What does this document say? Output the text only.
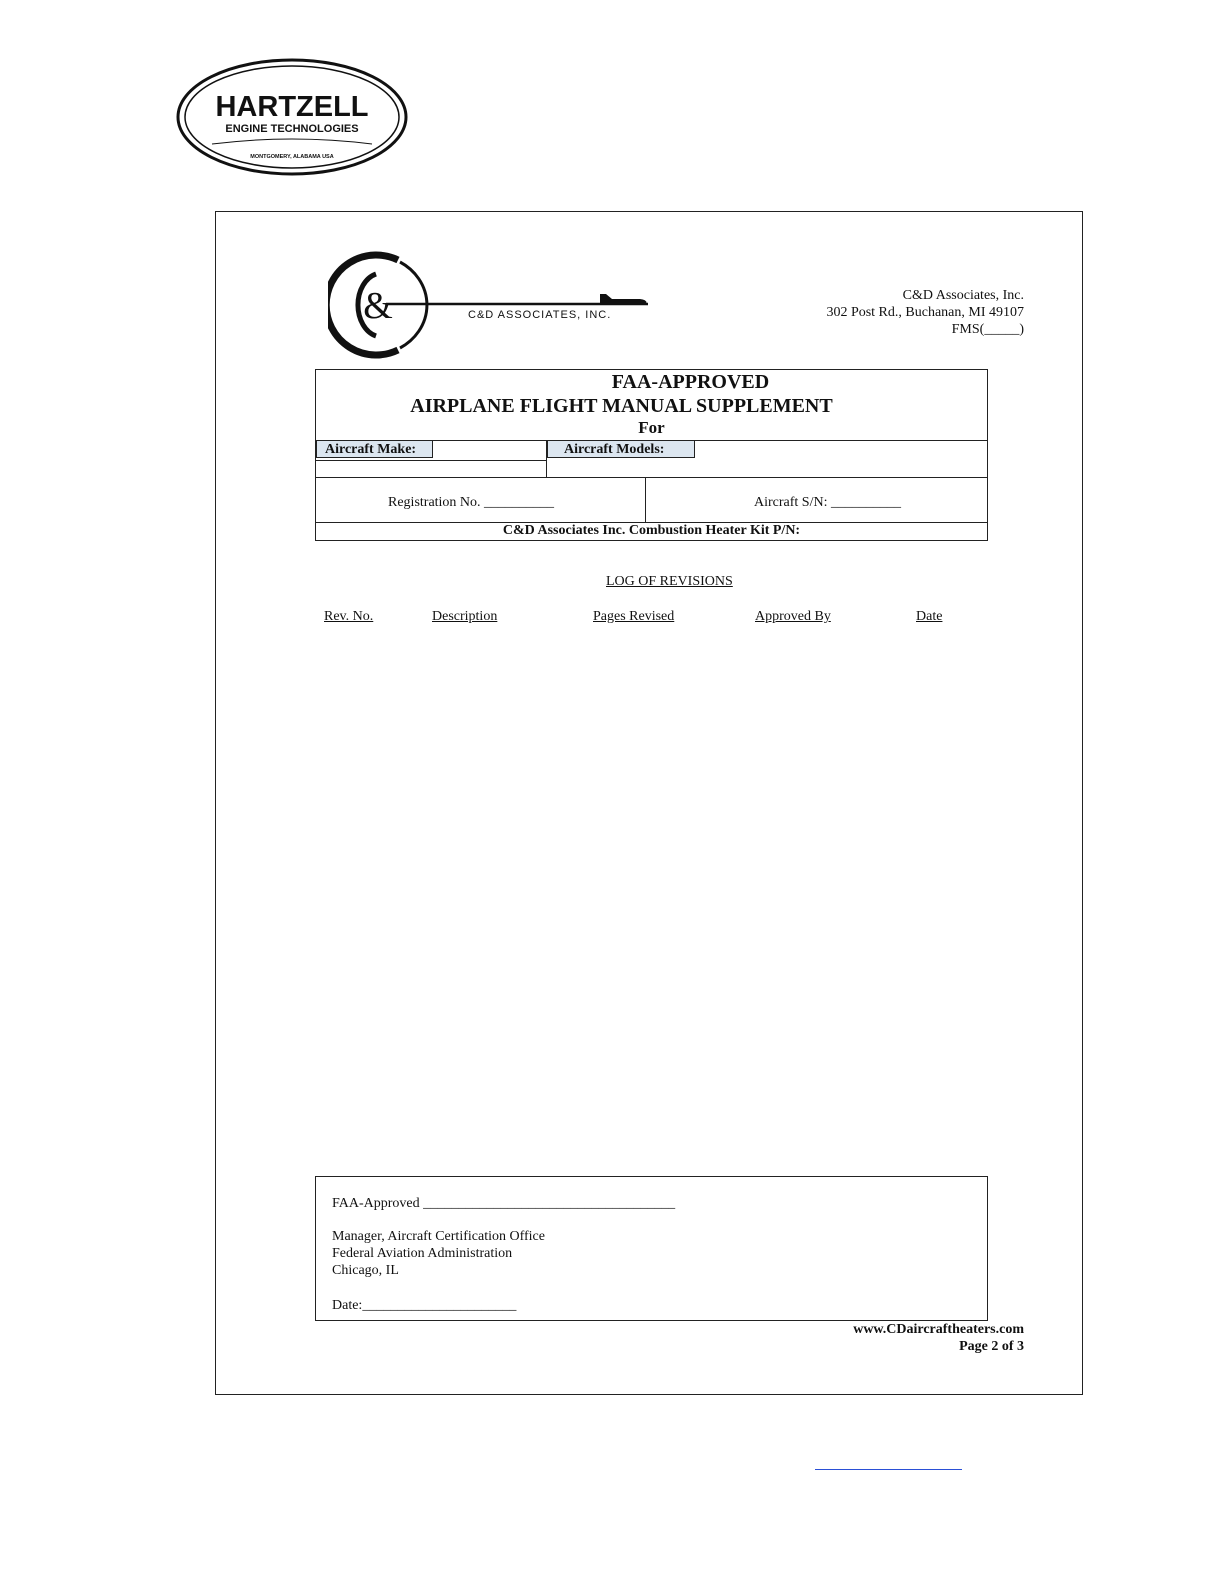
HARTZELL
ENGINE TECHNOLOGIES
MONTGOMERY, ALABAMA USA
&	C&D ASSOCIATES, INC.
C&D Associates, Inc.
302 Post Rd., Buchanan, MI 49107
FMS(_____)
FAA-APPROVED
AIRPLANE FLIGHT MANUAL SUPPLEMENT
For
Aircraft Make:	Aircraft Models:
Registration No. __________	Aircraft S/N: __________
C&D Associates Inc. Combustion Heater Kit P/N:
LOG OF REVISIONS
Rev. No.	Description	Pages Revised	Approved By	Date
FAA-Approved ____________________________________
Manager, Aircraft Certification Office
Federal Aviation Administration
Chicago, IL
Date:______________________
www.CDaircraftheaters.com
Page 2 of 3
